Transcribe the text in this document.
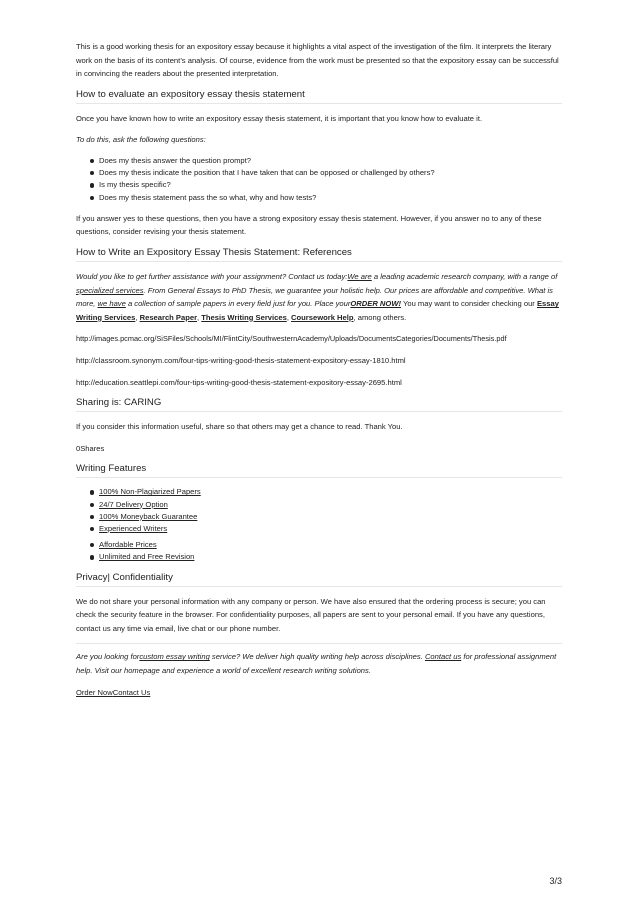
This is a good working thesis for an expository essay because it highlights a vital aspect of the investigation of the film. It interprets the literary work on the basis of its content’s analysis. Of course, evidence from the work must be presented so that the expository essay can be successful in convincing the readers about the presented interpretation.

How to evaluate an expository essay thesis statement

Once you have known how to write an expository essay thesis statement, it is important that you know how to evaluate it.

To do this, ask the following questions:

Does my thesis answer the question prompt?
Does my thesis indicate the position that I have taken that can be opposed or challenged by others?
Is my thesis specific?
Does my thesis statement pass the so what, why and how tests?

If you answer yes to these questions, then you have a strong expository essay thesis statement. However, if you answer no to any of these questions, consider revising your thesis statement.

How to Write an Expository Essay Thesis Statement: References

Would you like to get further assistance with your assignment? Contact us today:We are a leading academic research company, with a range of specialized services. From General Essays to PhD Thesis, we guarantee your holistic help. Our prices are affordable and competitive. What is more, we have a collection of sample papers in every field just for you. Place yourORDER NOW! You may want to consider checking our Essay Writing Services, Research Paper, Thesis Writing Services, Coursework Help, among others.

http://images.pcmac.org/SiSFiles/Schools/MI/FlintCity/SouthwesternAcademy/Uploads/DocumentsCategories/Documents/Thesis.pdf

http://classroom.synonym.com/four-tips-writing-good-thesis-statement-expository-essay-1810.html

http://education.seattlepi.com/four-tips-writing-good-thesis-statement-expository-essay-2695.html

Sharing is: CARING

If you consider this information useful, share so that others may get a chance to read. Thank You.

0Shares

Writing Features
100% Non-Plagiarized Papers
24/7 Delivery Option
100% Moneyback Guarantee
Experienced Writers
Affordable Prices
Unlimited and Free Revision
Privacy| Confidentiality

We do not share your personal information with any company or person. We have also ensured that the ordering process is secure; you can check the security feature in the browser. For confidentiality purposes, all papers are sent to your personal email. If you have any questions, contact us any time via email, live chat or our phone number.

Are you looking forcustom essay writing service? We deliver high quality writing help across disciplines. Contact us for professional assignment help. Visit our homepage and experience a world of excellent research writing solutions.

Order NowContact Us

3/3
